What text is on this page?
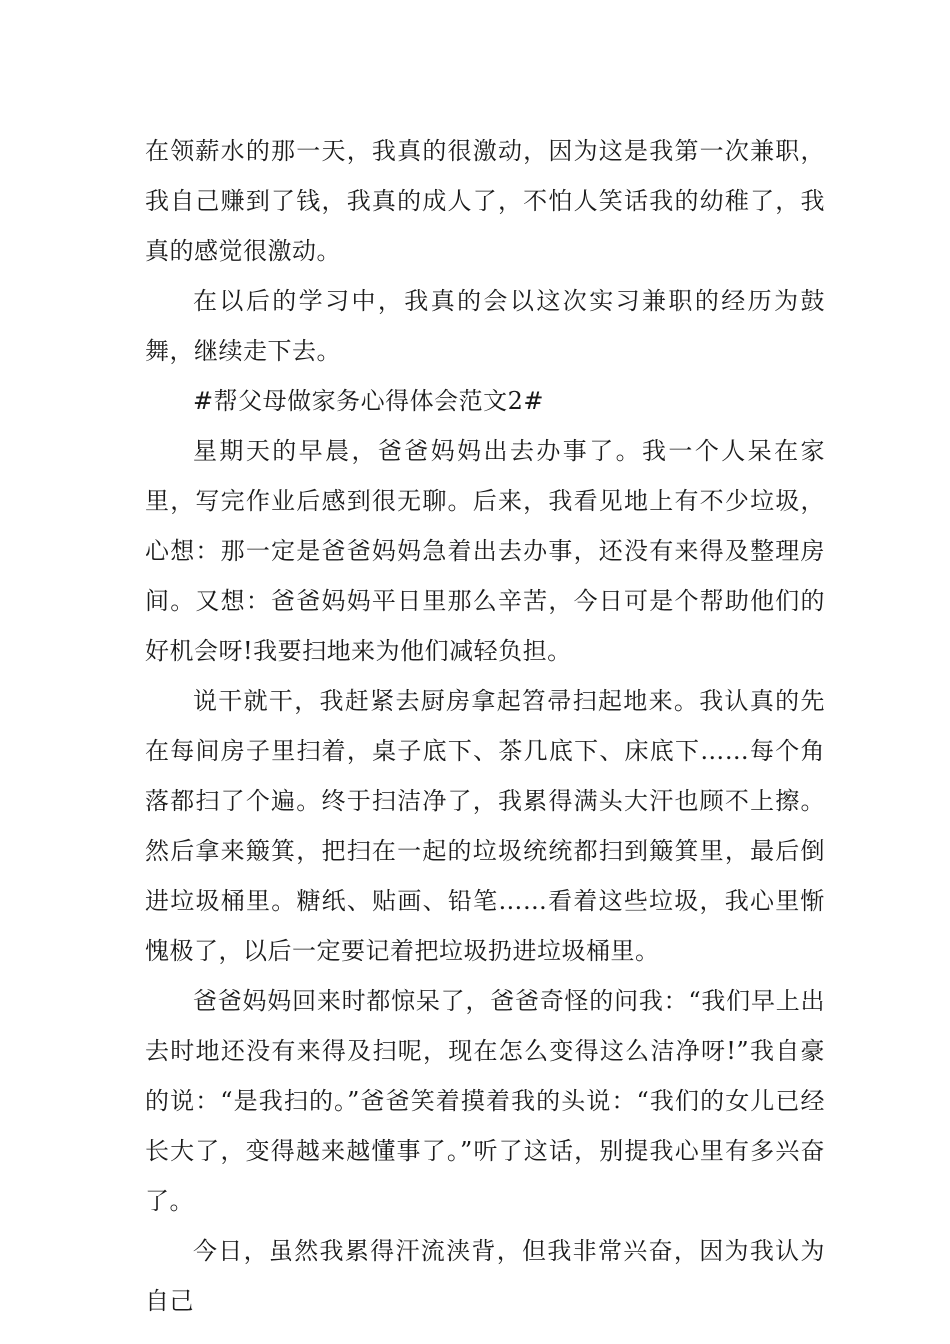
在领薪水的那一天，我真的很激动，因为这是我第一次兼职，我自己赚到了钱，我真的成人了，不怕人笑话我的幼稚了，我真的感觉很激动。

在以后的学习中，我真的会以这次实习兼职的经历为鼓舞，继续走下去。

#帮父母做家务心得体会范文2#

星期天的早晨，爸爸妈妈出去办事了。我一个人呆在家里，写完作业后感到很无聊。后来，我看见地上有不少垃圾，心想：那一定是爸爸妈妈急着出去办事，还没有来得及整理房间。又想：爸爸妈妈平日里那么辛苦，今日可是个帮助他们的好机会呀!我要扫地来为他们减轻负担。

说干就干，我赶紧去厨房拿起笤帚扫起地来。我认真的先在每间房子里扫着，桌子底下、茶几底下、床底下……每个角落都扫了个遍。终于扫洁净了，我累得满头大汗也顾不上擦。然后拿来簸箕，把扫在一起的垃圾统统都扫到簸箕里，最后倒进垃圾桶里。糖纸、贴画、铅笔……看着这些垃圾，我心里惭愧极了，以后一定要记着把垃圾扔进垃圾桶里。

爸爸妈妈回来时都惊呆了，爸爸奇怪的问我：“我们早上出去时地还没有来得及扫呢，现在怎么变得这么洁净呀!”我自豪的说：“是我扫的。”爸爸笑着摸着我的头说：“我们的女儿已经长大了，变得越来越懂事了。”听了这话，别提我心里有多兴奋了。

今日，虽然我累得汗流浃背，但我非常兴奋，因为我认为自己
